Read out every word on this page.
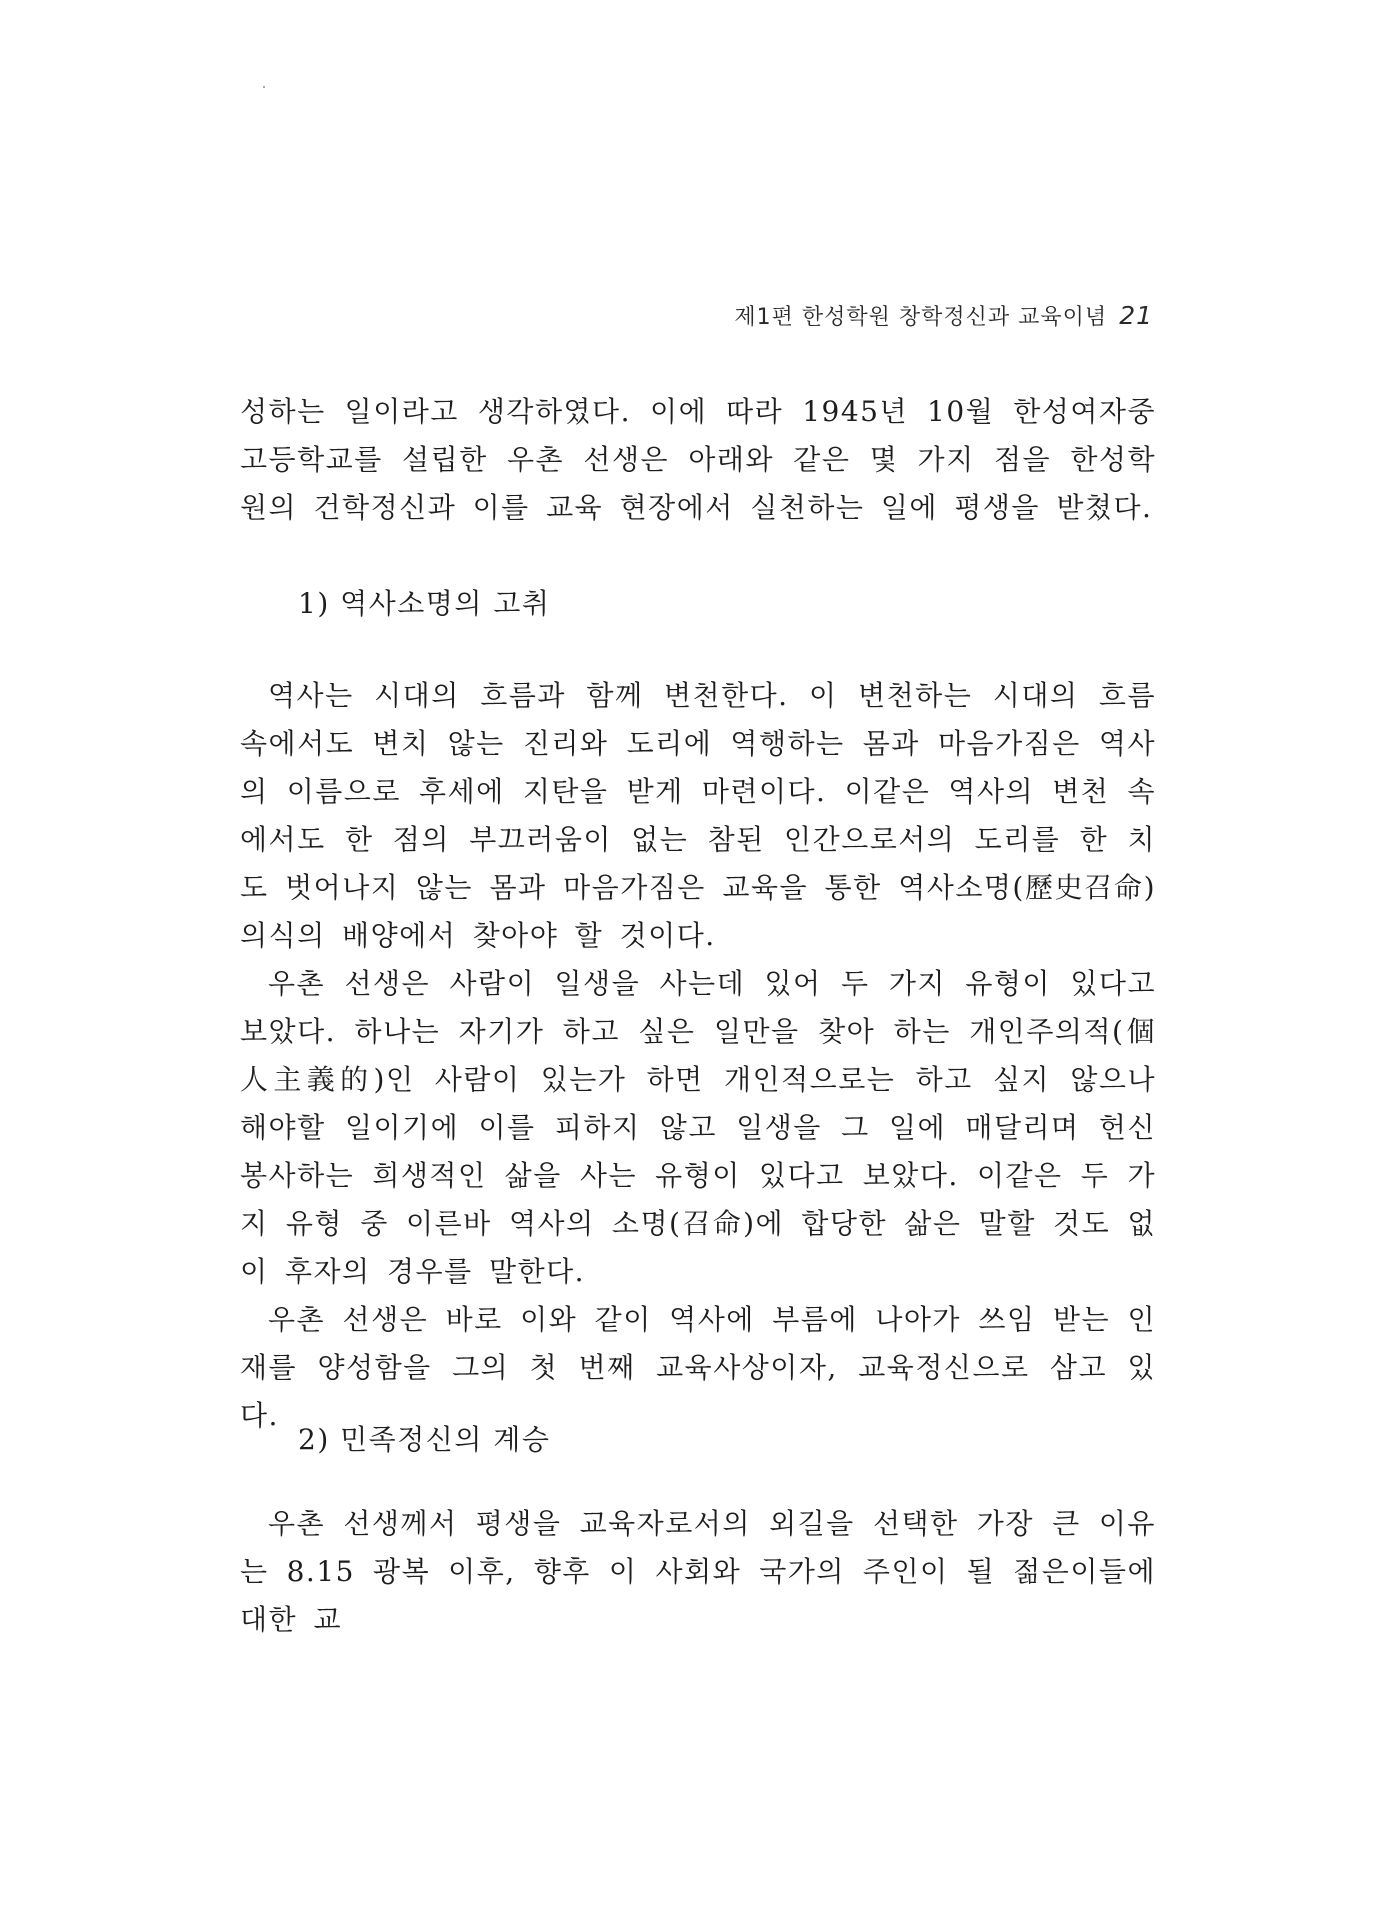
제1편 한성학원 창학정신과 교육이념 21

성하는 일이라고 생각하였다. 이에 따라 1945년 10월 한성여자중고등학교를 설립한 우촌 선생은 아래와 같은 몇 가지 점을 한성학원의 건학정신과 이를 교육 현장에서 실천하는 일에 평생을 받쳤다.

1) 역사소명의 고취

역사는 시대의 흐름과 함께 변천한다. 이 변천하는 시대의 흐름 속에서도 변치 않는 진리와 도리에 역행하는 몸과 마음가짐은 역사의 이름으로 후세에 지탄을 받게 마련이다. 이같은 역사의 변천 속에서도 한 점의 부끄러움이 없는 참된 인간으로서의 도리를 한 치도 벗어나지 않는 몸과 마음가짐은 교육을 통한 역사소명(歷史召命) 의식의 배양에서 찾아야 할 것이다.

우촌 선생은 사람이 일생을 사는데 있어 두 가지 유형이 있다고 보았다. 하나는 자기가 하고 싶은 일만을 찾아 하는 개인주의적(個人主義的)인 사람이 있는가 하면 개인적으로는 하고 싶지 않으나 해야할 일이기에 이를 피하지 않고 일생을 그 일에 매달리며 헌신 봉사하는 희생적인 삶을 사는 유형이 있다고 보았다. 이같은 두 가지 유형 중 이른바 역사의 소명(召命)에 합당한 삶은 말할 것도 없이 후자의 경우를 말한다.

우촌 선생은 바로 이와 같이 역사에 부름에 나아가 쓰임 받는 인재를 양성함을 그의 첫 번째 교육사상이자, 교육정신으로 삼고 있다.

2) 민족정신의 계승

우촌 선생께서 평생을 교육자로서의 외길을 선택한 가장 큰 이유는 8.15 광복 이후, 향후 이 사회와 국가의 주인이 될 젊은이들에 대한 교
